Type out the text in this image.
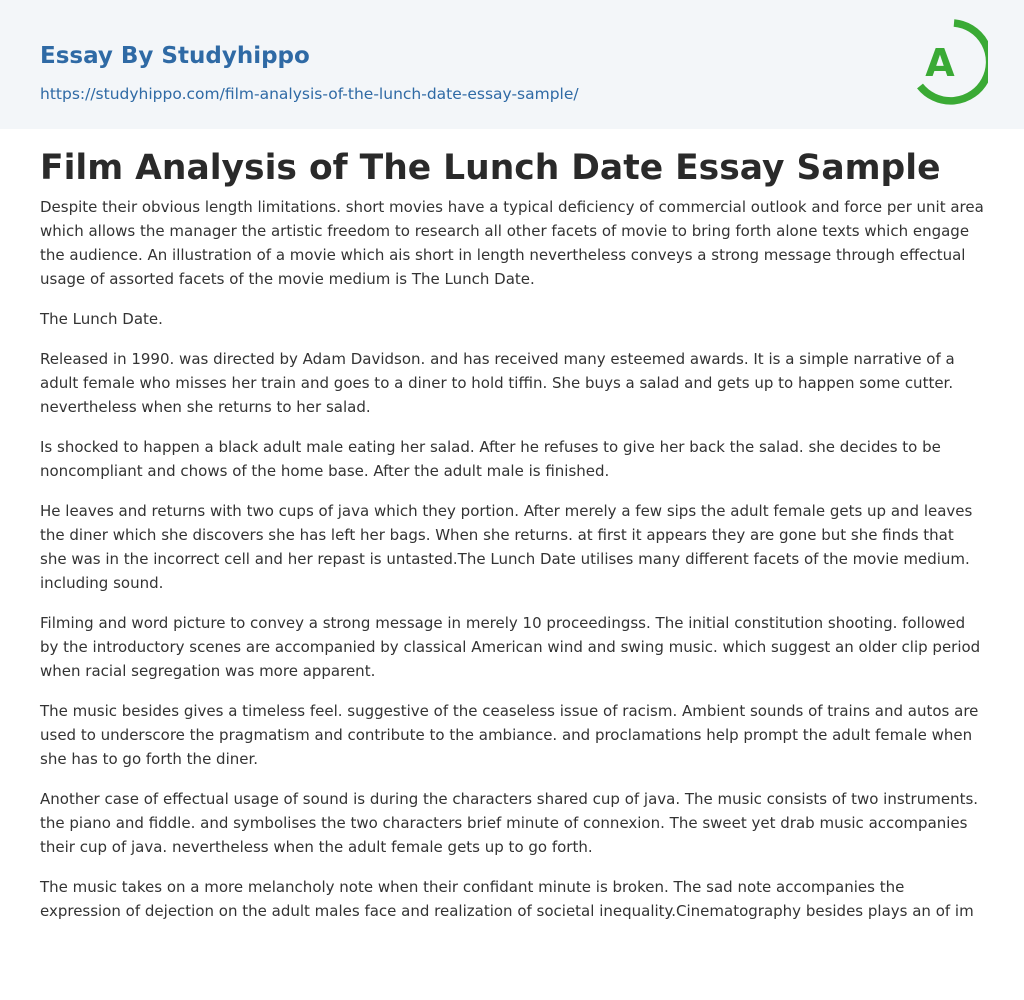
Essay By Studyhippo
https://studyhippo.com/film-analysis-of-the-lunch-date-essay-sample/
A
Film Analysis of The Lunch Date Essay Sample

Despite their obvious length limitations. short movies have a typical deficiency of commercial outlook and force per unit area which allows the manager the artistic freedom to research all other facets of movie to bring forth alone texts which engage the audience. An illustration of a movie which ais short in length nevertheless conveys a strong message through effectual usage of assorted facets of the movie medium is The Lunch Date.

The Lunch Date.

Released in 1990. was directed by Adam Davidson. and has received many esteemed awards. It is a simple narrative of a adult female who misses her train and goes to a diner to hold tiffin. She buys a salad and gets up to happen some cutter. nevertheless when she returns to her salad.

Is shocked to happen a black adult male eating her salad. After he refuses to give her back the salad. she decides to be noncompliant and chows of the home base. After the adult male is finished.

He leaves and returns with two cups of java which they portion. After merely a few sips the adult female gets up and leaves the diner which she discovers she has left her bags. When she returns. at first it appears they are gone but she finds that she was in the incorrect cell and her repast is untasted.The Lunch Date utilises many different facets of the movie medium. including sound.

Filming and word picture to convey a strong message in merely 10 proceedingss. The initial constitution shooting. followed by the introductory scenes are accompanied by classical American wind and swing music. which suggest an older clip period when racial segregation was more apparent.

The music besides gives a timeless feel. suggestive of the ceaseless issue of racism. Ambient sounds of trains and autos are used to underscore the pragmatism and contribute to the ambiance. and proclamations help prompt the adult female when she has to go forth the diner.

Another case of effectual usage of sound is during the characters shared cup of java. The music consists of two instruments. the piano and fiddle. and symbolises the two characters brief minute of connexion. The sweet yet drab music accompanies their cup of java. nevertheless when the adult female gets up to go forth.

The music takes on a more melancholy note when their confidant minute is broken. The sad note accompanies the expression of dejection on the adult males face and realization of societal inequality.Cinematography besides plays an of im
